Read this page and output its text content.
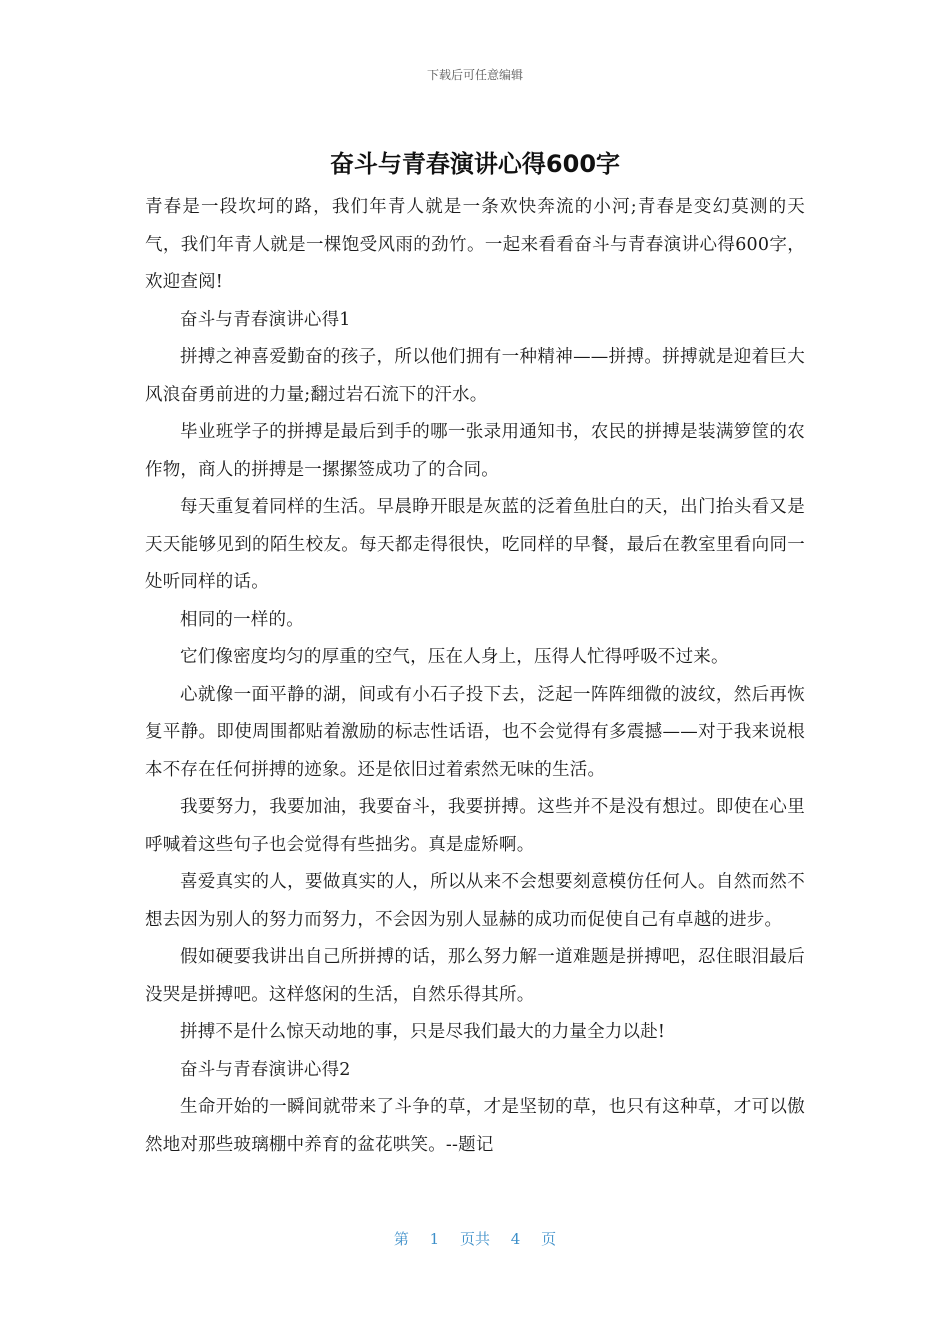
下载后可任意编辑
奋斗与青春演讲心得600字

青春是一段坎坷的路，我们年青人就是一条欢快奔流的小河;青春是变幻莫测的天气，我们年青人就是一棵饱受风雨的劲竹。一起来看看奋斗与青春演讲心得600字，欢迎查阅!

奋斗与青春演讲心得1

拼搏之神喜爱勤奋的孩子，所以他们拥有一种精神——拼搏。拼搏就是迎着巨大风浪奋勇前进的力量;翻过岩石流下的汗水。

毕业班学子的拼搏是最后到手的哪一张录用通知书，农民的拼搏是装满箩筐的农作物，商人的拼搏是一摞摞签成功了的合同。

每天重复着同样的生活。早晨睁开眼是灰蓝的泛着鱼肚白的天，出门抬头看又是天天能够见到的陌生校友。每天都走得很快，吃同样的早餐，最后在教室里看向同一处听同样的话。

相同的一样的。

它们像密度均匀的厚重的空气，压在人身上，压得人忙得呼吸不过来。

心就像一面平静的湖，间或有小石子投下去，泛起一阵阵细微的波纹，然后再恢复平静。即使周围都贴着激励的标志性话语，也不会觉得有多震撼——对于我来说根本不存在任何拼搏的迹象。还是依旧过着索然无味的生活。

我要努力，我要加油，我要奋斗，我要拼搏。这些并不是没有想过。即使在心里呼喊着这些句子也会觉得有些拙劣。真是虚矫啊。

喜爱真实的人，要做真实的人，所以从来不会想要刻意模仿任何人。自然而然不想去因为别人的努力而努力，不会因为别人显赫的成功而促使自己有卓越的进步。

假如硬要我讲出自己所拼搏的话，那么努力解一道难题是拼搏吧，忍住眼泪最后没哭是拼搏吧。这样悠闲的生活，自然乐得其所。

拼搏不是什么惊天动地的事，只是尽我们最大的力量全力以赴!

奋斗与青春演讲心得2

生命开始的一瞬间就带来了斗争的草，才是坚韧的草，也只有这种草，才可以傲然地对那些玻璃棚中养育的盆花哄笑。--题记

第 1 页共 4 页
